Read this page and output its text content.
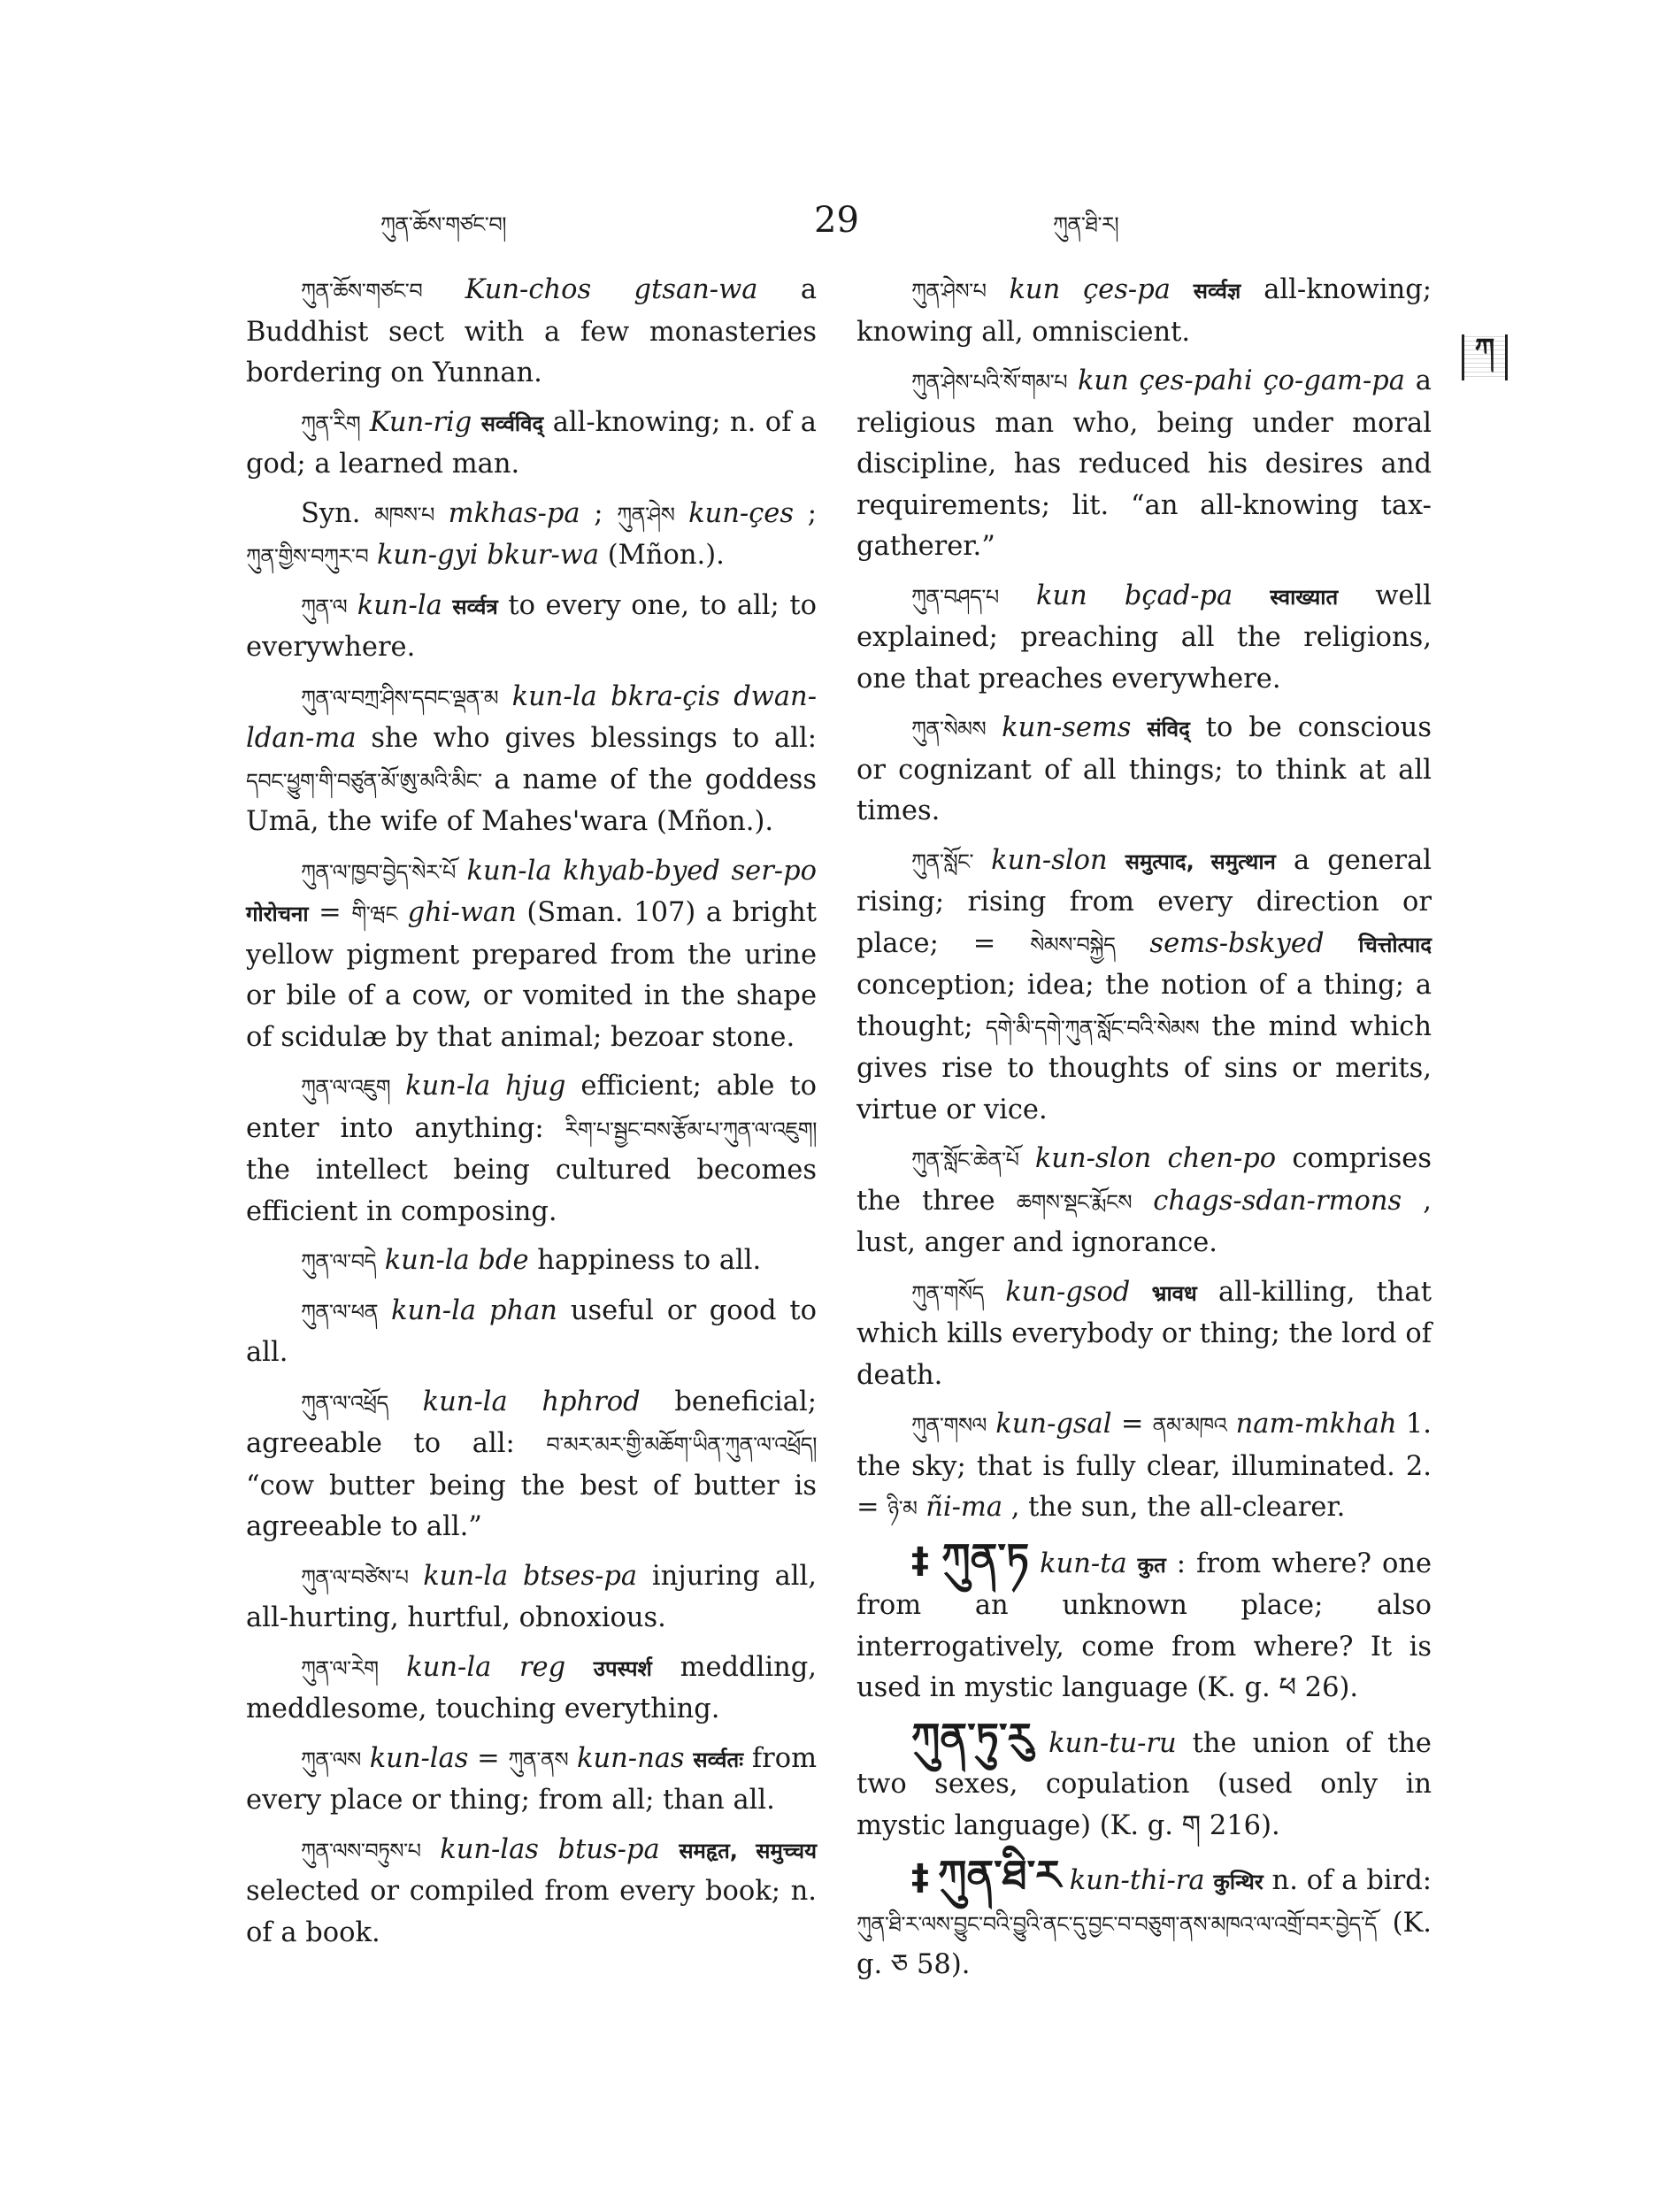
ཀུན་ཆོས་གཙང་བ།	29	ཀུན་ཐི་ར།
ཀ

ཀུན་ཆོས་གཙང་བ Kun-chos gtsan-wa a Buddhist sect with a few monasteries bordering on Yunnan.

ཀུན་རིག Kun-rig सर्व्वविद् all-knowing; n. of a god; a learned man.

Syn. མཁས་པ mkhas-pa ; ཀུན་ཤེས kun-çes ; ཀུན་གྱིས་བཀུར་བ kun-gyi bkur-wa (Mñon.).

ཀུན་ལ kun-la सर्व्वत्र to every one, to all; to everywhere.

ཀུན་ལ་བཀྲ་ཤིས་དབང་ལྡན་མ kun-la bkra-çis dwan-ldan-ma she who gives blessings to all: དབང་ཕྱུག་གི་བཙུན་མོ་ཨུ་མའི་མིང་ a name of the goddess Umā, the wife of Mahes'wara (Mñon.).

ཀུན་ལ་ཁྱབ་བྱེད་སེར་པོ kun-la khyab-byed ser-po गोरोचना = གི་ཝང ghi-wan (Sman. 107) a bright yellow pigment prepared from the urine or bile of a cow, or vomited in the shape of scidulæ by that animal; bezoar stone.

ཀུན་ལ་འཇུག kun-la hjug efficient; able to enter into anything: རིག་པ་སྦྱང་བས་རྩོམ་པ་ཀུན་ལ་འཇུག། the intellect being cultured becomes efficient in composing.

ཀུན་ལ་བདེ kun-la bde happiness to all.

ཀུན་ལ་ཕན kun-la phan useful or good to all.

ཀུན་ལ་འཕྲོད kun-la hphrod beneficial; agreeable to all: བ་མར་མར་གྱི་མཆོག་ཡིན་ཀུན་ལ་འཕྲོད། “cow butter being the best of butter is agreeable to all.”

ཀུན་ལ་བཙེས་པ kun-la btses-pa injuring all, all-hurting, hurtful, obnoxious.

ཀུན་ལ་རེག kun-la reg उपस्पर्श meddling, meddlesome, touching everything.

ཀུན་ལས kun-las = ཀུན་ནས kun-nas सर्व्वतः from every place or thing; from all; than all.

ཀུན་ལས་བཏུས་པ kun-las btus-pa समहृत, समुच्चय selected or compiled from every book; n. of a book.

ཀུན་ཤེས་པ kun çes-pa सर्व्वज्ञ all-knowing; knowing all, omniscient.

ཀུན་ཤེས་པའི་སོ་གམ་པ kun çes-pahi ço-gam-pa a religious man who, being under moral discipline, has reduced his desires and requirements; lit. “an all-knowing tax-gatherer.”

ཀུན་བཤད་པ kun bçad-pa स्वाख्यात well explained; preaching all the religions, one that preaches everywhere.

ཀུན་སེམས kun-sems संविद् to be conscious or cognizant of all things; to think at all times.

ཀུན་སློང་ kun-slon समुत्पाद, समुत्थान a general rising; rising from every direction or place; = སེམས་བསྐྱེད sems-bskyed चित्तोत्पाद conception; idea; the notion of a thing; a thought; དགེ་མི་དགེ་ཀུན་སློང་བའི་སེམས the mind which gives rise to thoughts of sins or merits, virtue or vice.

ཀུན་སློང་ཆེན་པོ kun-slon chen-po comprises the three ཆགས་སྡང་རྨོངས chags-sdan-rmons , lust, anger and ignorance.

ཀུན་གསོད kun-gsod भ्रावध all-killing, that which kills everybody or thing; the lord of death.

ཀུན་གསལ kun-gsal = ནམ་མཁའ nam-mkhah 1. the sky; that is fully clear, illuminated. 2. = ཉི་མ ñi-ma , the sun, the all-clearer.

‡ ཀུན་ཏ kun-ta कुत : from where? one from an unknown place; also interrogatively, come from where? It is used in mystic language (K. g. ཕ 26).

ཀུན་ཏུ་རུ kun-tu-ru the union of the two sexes, copulation (used only in mystic language) (K. g. ག 216).

‡ ཀུན་ཐི་ར kun-thi-ra कुन्थिर n. of a bird: ཀུན་ཐི་ར་ལས་བྱུང་བའི་བྱུའི་ནང་དུ་བྱང་བ་བཅུག་ནས་མཁའ་ལ་འགྲོ་བར་བྱེད་དོ (K. g. ཅ 58).
